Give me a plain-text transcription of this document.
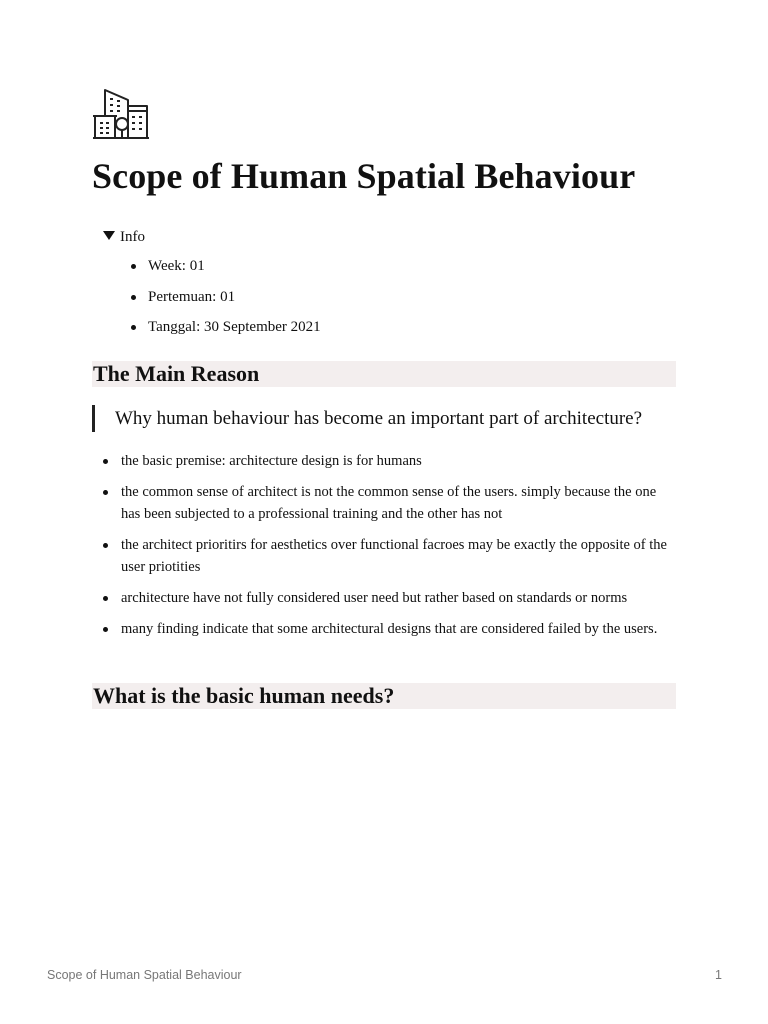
Scope of Human Spatial Behaviour
Info
Week: 01
Pertemuan: 01
Tanggal: 30 September 2021
The Main Reason
Why human behaviour has become an important part of architecture?
the basic premise: architecture design is for humans
the common sense of architect is not the common sense of the users. simply because the one has been subjected to a professional training and the other has not
the architect prioritirs for aesthetics over functional facroes may be exactly the opposite of the user priotities
architecture have not fully considered user need but rather based on standards or norms
many finding indicate that some architectural designs that are considered failed by the users.
What is the basic human needs?
Scope of Human Spatial Behaviour	1
